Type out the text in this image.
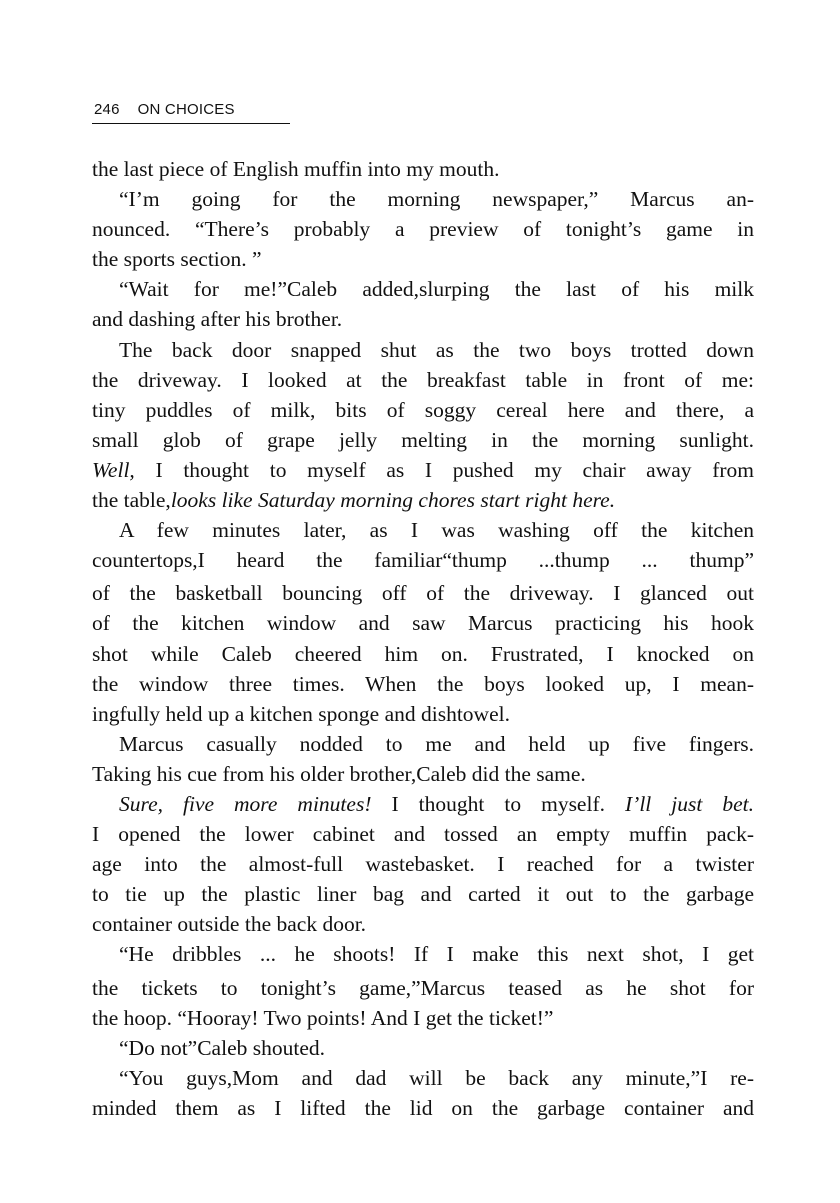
246 ON CHOICES
the last piece of English muffin into my mouth.
“I’m going for the morning newspaper,” Marcus an-
nounced. “There’s probably a preview of tonight’s game in
the sports section. ”
“Wait for me!”Caleb added,slurping the last of his milk
and dashing after his brother.
The back door snapped shut as the two boys trotted down
the driveway. I looked at the breakfast table in front of me:
tiny puddles of milk, bits of soggy cereal here and there, a
small glob of grape jelly melting in the morning sunlight.
Well, I thought to myself as I pushed my chair away from
the table,looks like Saturday morning chores start right here.
A few minutes later, as I was washing off the kitchen
countertops,I heard the familiar“thump ...thump ... thump”
of the basketball bouncing off of the driveway. I glanced out
of the kitchen window and saw Marcus practicing his hook
shot while Caleb cheered him on. Frustrated, I knocked on
the window three times. When the boys looked up, I mean-
ingfully held up a kitchen sponge and dishtowel.
Marcus casually nodded to me and held up five fingers.
Taking his cue from his older brother,Caleb did the same.
Sure, five more minutes! I thought to myself. I’ll just bet.
I opened the lower cabinet and tossed an empty muffin pack-
age into the almost-full wastebasket. I reached for a twister
to tie up the plastic liner bag and carted it out to the garbage
container outside the back door.
“He dribbles ... he shoots! If I make this next shot, I get
the tickets to tonight’s game,”Marcus teased as he shot for
the hoop. “Hooray! Two points! And I get the ticket!”
“Do not”Caleb shouted.
“You guys,Mom and dad will be back any minute,”I re-
minded them as I lifted the lid on the garbage container and
